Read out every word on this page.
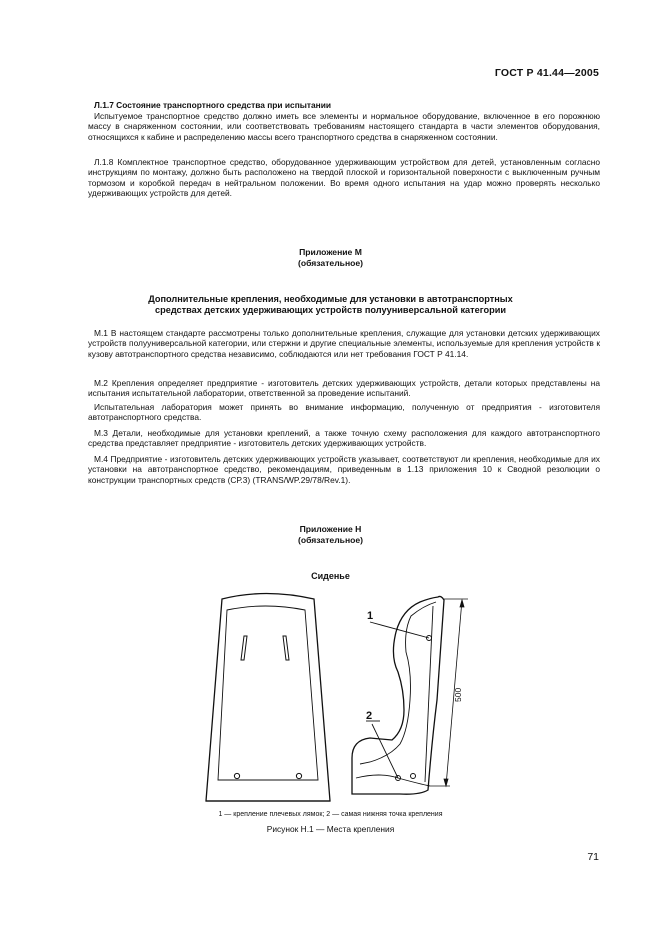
ГОСТ Р 41.44—2005
Л.1.7 Состояние транспортного средства при испытании
Испытуемое транспортное средство должно иметь все элементы и нормальное оборудование, включенное в его порожнюю массу в снаряженном состоянии, или соответствовать требованиям настоящего стандарта в части элементов оборудования, относящихся к кабине и распределению массы всего транспортного средства в снаряженном состоянии.
Л.1.8 Комплектное транспортное средство, оборудованное удерживающим устройством для детей, установленным согласно инструкциям по монтажу, должно быть расположено на твердой плоской и горизонтальной поверхности с выключенным ручным тормозом и коробкой передач в нейтральном положении. Во время одного испытания на удар можно проверять несколько удерживающих устройств для детей.
Приложение М
(обязательное)
Дополнительные крепления, необходимые для установки в автотранспортных
средствах детских удерживающих устройств полуунивepсальной категории
М.1 В настоящем стандарте рассмотрены только дополнительные крепления, служащие для установки детских удерживающих устройств полууниверсальной категории, или стержни и другие специальные элементы, используемые для крепления устройств к кузову автотранспортного средства независимо, соблюдаются или нет требования ГОСТ Р 41.14.
М.2 Крепления определяет предприятие - изготовитель детских удерживающих устройств, детали которых представлены на испытания испытательной лаборатории, ответственной за проведение испытаний.
Испытательная лаборатория может принять во внимание информацию, полученную от предприятия - изготовителя автотранспортного средства.
М.3 Детали, необходимые для установки креплений, а также точную схему расположения для каждого автотранспортного средства представляет предприятие - изготовитель детских удерживающих устройств.
М.4 Предприятие - изготовитель детских удерживающих устройств указывает, соответствуют ли крепления, необходимые для их установки на автотранспортное средство, рекомендациям, приведенным в 1.13 приложения 10 к Сводной резолюции о конструкции транспортных средств (СР.3) (TRANS/WP.29/78/Rev.1).
Приложение Н
(обязательное)
Сиденье
1
2
500
1 — крепление плечевых лямок; 2 — самая нижняя точка крепления
Рисунок Н.1 — Места крепления
71
